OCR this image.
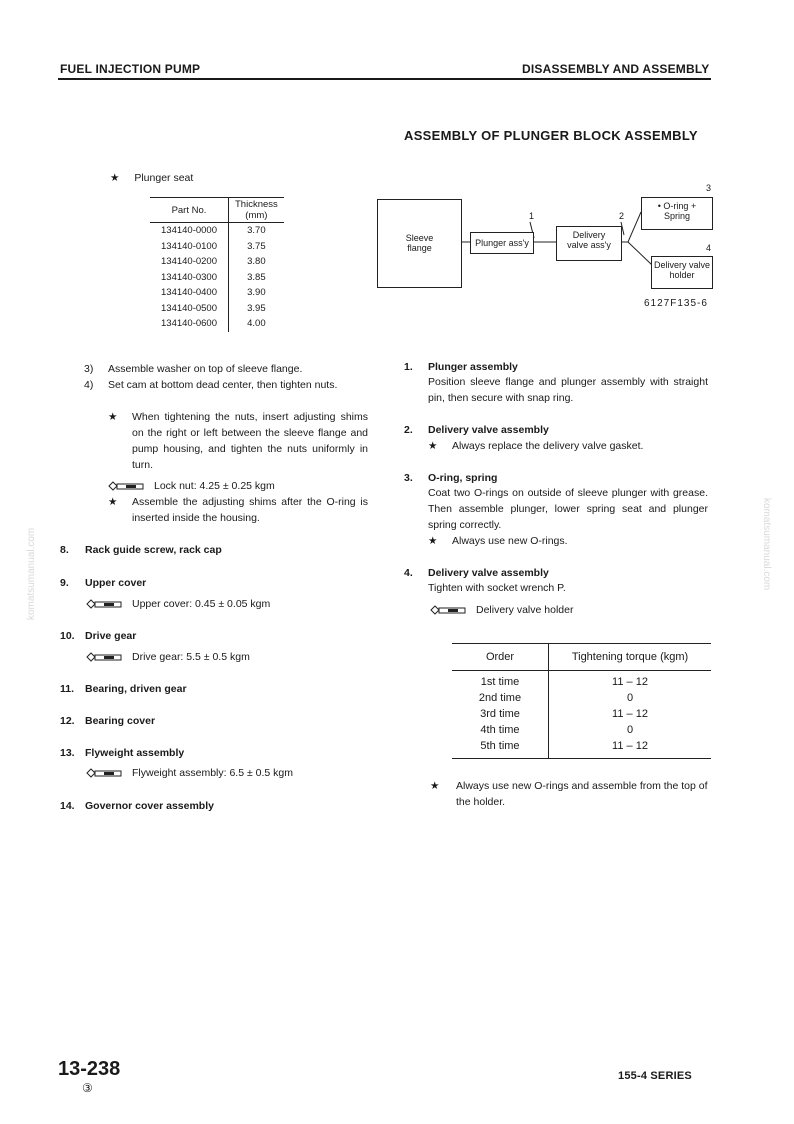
FUEL INJECTION PUMP	DISASSEMBLY AND ASSEMBLY
ASSEMBLY OF PLUNGER BLOCK ASSEMBLY
★ Plunger seat
Part No.	Thickness (mm)
134140-0000	3.70
134140-0100	3.75
134140-0200	3.80
134140-0300	3.85
134140-0400	3.90
134140-0500	3.95
134140-0600	4.00
Sleeve flange	Plunger ass'y
Delivery valve ass'y
• O-ring + Spring
Delivery valve holder
1	2
3
4
6127F135-6
3) Assemble washer on top of sleeve flange.
4)	Set cam at bottom dead center, then tighten nuts.
★	When tightening the nuts, insert adjusting shims on the right or left between the sleeve flange and pump housing, and tighten the nuts uniformly in turn.
Lock nut: 4.25 ± 0.25 kgm
★	Assemble the adjusting shims after the O-ring is inserted inside the housing.
8. Rack guide screw, rack cap
9. Upper cover
Upper cover: 0.45 ± 0.05 kgm
10. Drive gear
Drive gear: 5.5 ± 0.5 kgm
11. Bearing, driven gear
12. Bearing cover
13. Flyweight assembly
Flyweight assembly: 6.5 ± 0.5 kgm
14. Governor cover assembly
1. Plunger assembly
Position sleeve flange and plunger assembly with straight pin, then secure with snap ring.
2. Delivery valve assembly
★ Always replace the delivery valve gasket.
3. O-ring, spring
Coat two O-rings on outside of sleeve plunger with grease. Then assemble plunger, lower spring seat and plunger spring correctly.
★ Always use new O-rings.
4. Delivery valve assembly
Tighten with socket wrench P.
Delivery valve holder
Order	Tightening torque (kgm)
1st time	11 – 12
2nd time	0
3rd time	11 – 12
4th time	0
5th time	11 – 12
★	Always use new O-rings and assemble from the top of the holder.
13-238
③
155-4 SERIES
komatsumanual.com	komatsumanual.com
